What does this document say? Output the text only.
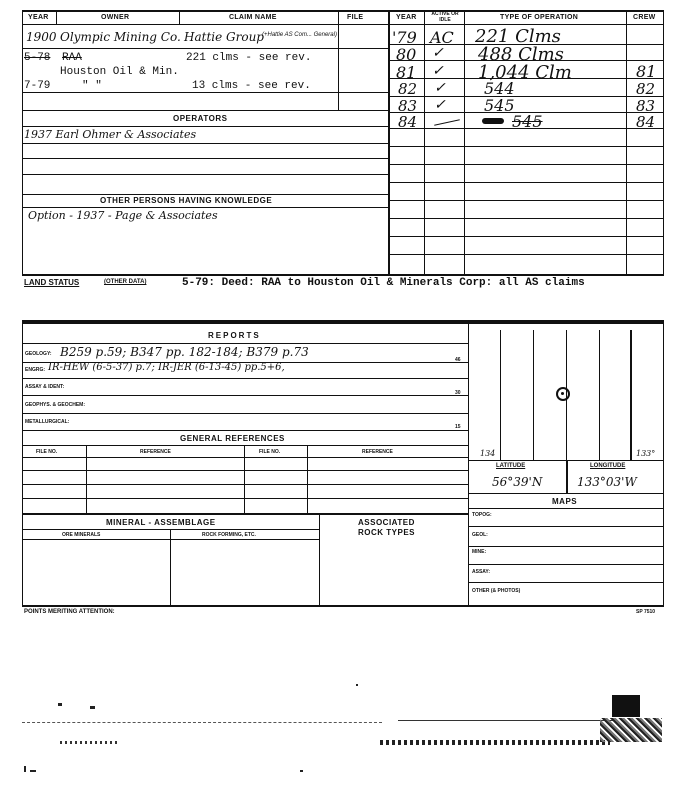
YEAR	OWNER	CLAIM NAME	FILE	YEAR	ACTIVE OR IDLE	TYPE OF OPERATION	CREW
1900 Olympic Mining Co. Hattie Group
(+Hattie AS Com... General)
5-78 RAA	221 clms - see rev.
Houston Oil & Min.
7-79	" "	13 clms - see rev.
OPERATORS
1937 Earl Ohmer & Associates
OTHER PERSONS HAVING KNOWLEDGE
Option - 1937 - Page & Associates
'79 AC 221 Clms
80 ✓ 488 Clms
81 ✓ 1,044 Clm	81
82 ✓ 544	82
83 ✓ 545	83
84	545	84
LAND STATUS	(OTHER DATA)	5-79: Deed: RAA to Houston Oil & Minerals Corp: all AS claims
REPORTS
GEOLOGY: B259 p.59; B347 pp. 182-184; B379 p.73
46
ENGRG: IR-HEW (6-5-37) p.7; IR-JER (6-13-45) pp.5+6,
ASSAY & IDENT:
30
GEOPHYS. & GEOCHEM:
METALLURGICAL:
15
GENERAL REFERENCES
FILE NO.	REFERENCE	FILE NO.	REFERENCE
MINERAL - ASSEMBLAGE	ASSOCIATED
ROCK TYPES
ORE MINERALS	ROCK FORMING, ETC.
134	133°
LATITUDE	LONGITUDE
56°39'N	133°03'W
MAPS
TOPOG:
GEOL:
MINE:
ASSAY:
OTHER (& PHOTOS)
POINTS MERITING ATTENTION:	SP 7510
